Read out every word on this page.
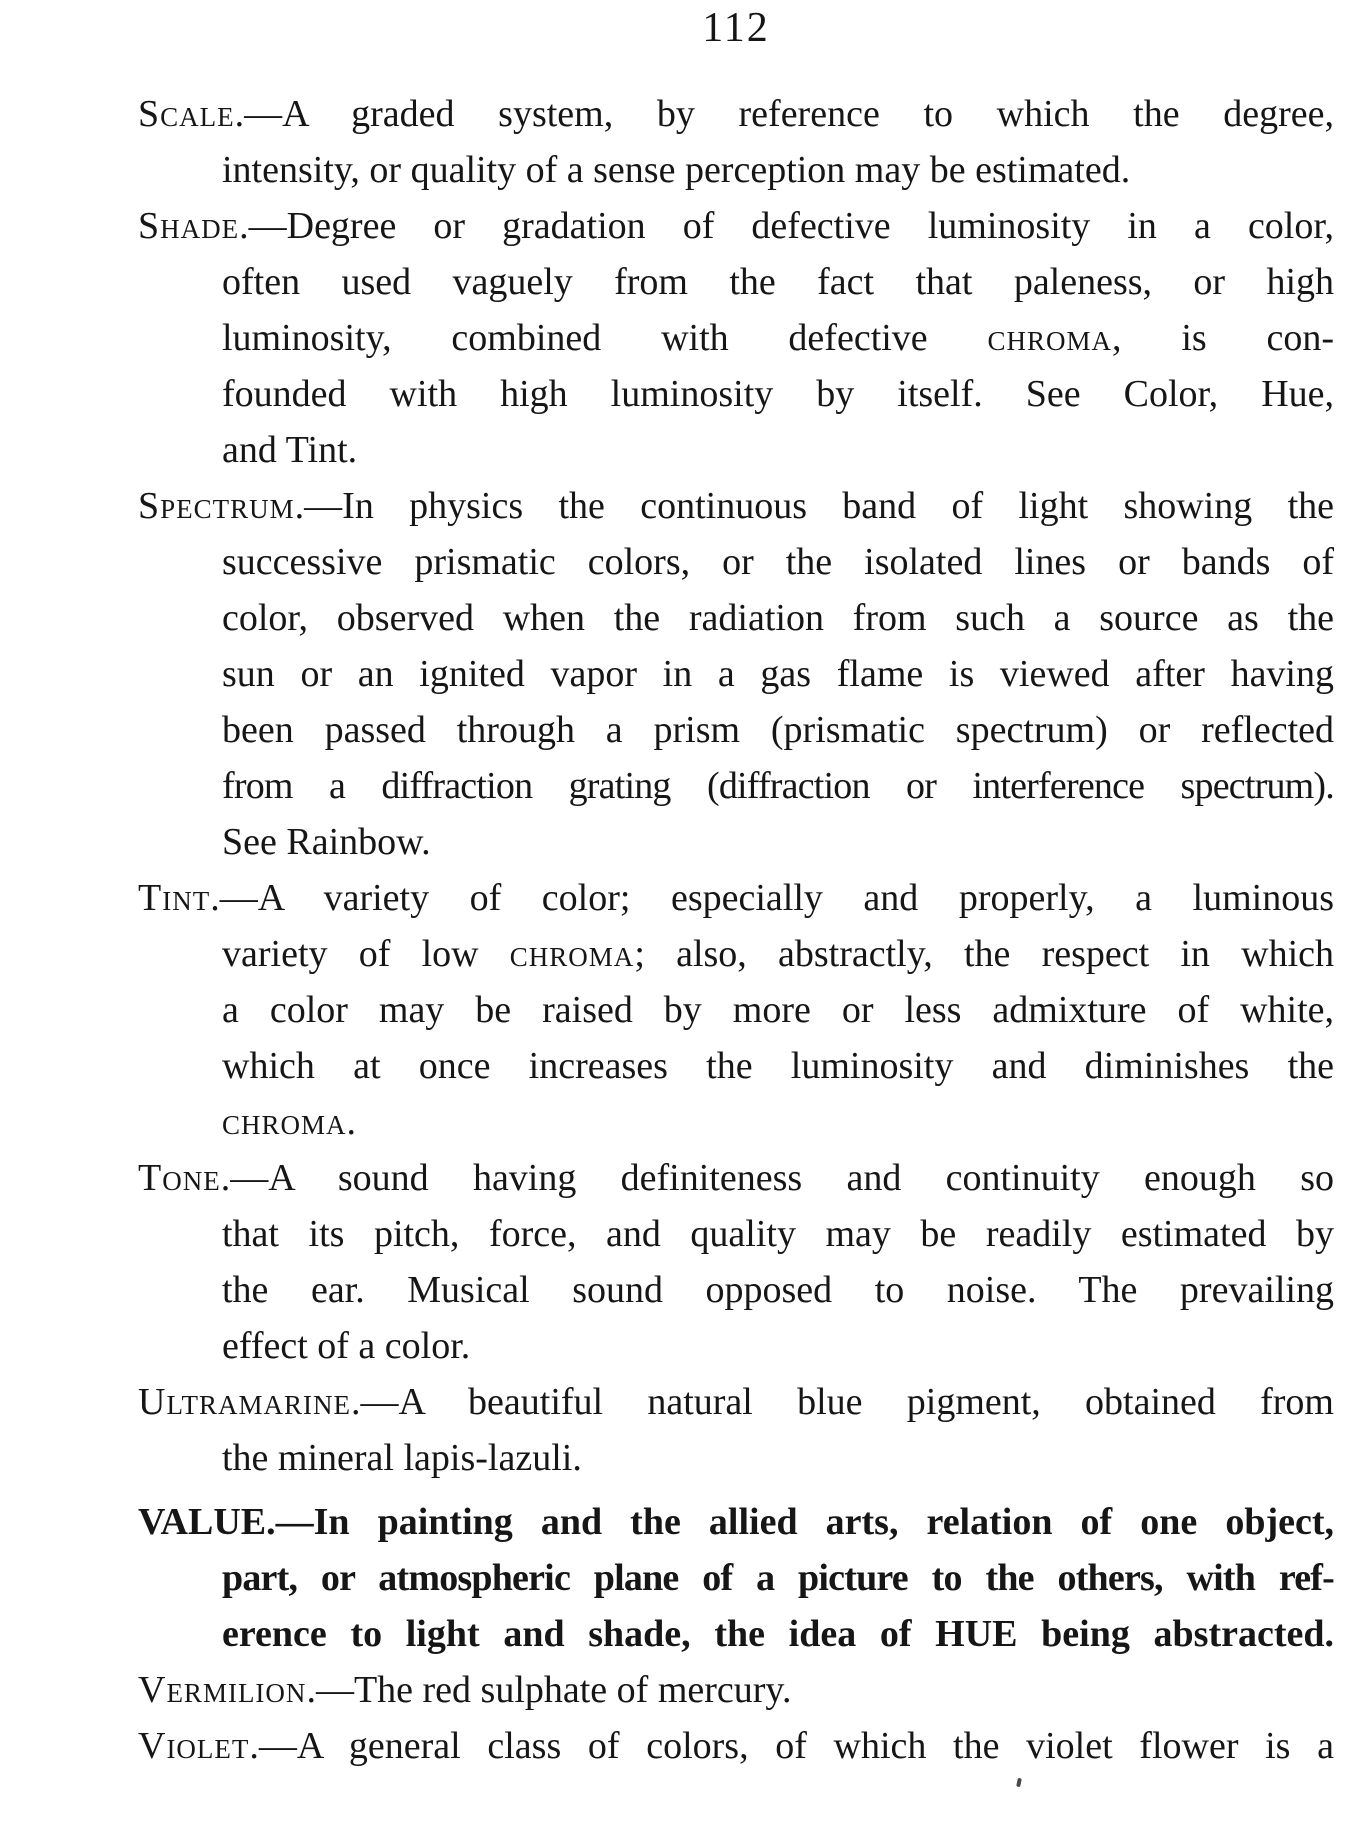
112
Scale.—A graded system, by reference to which the degree,
intensity, or quality of a sense perception may be estimated.
Shade.—Degree or gradation of defective luminosity in a color,
often used vaguely from the fact that paleness, or high
luminosity, combined with defective chroma, is con-
founded with high luminosity by itself. See Color, Hue,
and Tint.
Spectrum.—In physics the continuous band of light showing the
successive prismatic colors, or the isolated lines or bands of
color, observed when the radiation from such a source as the
sun or an ignited vapor in a gas flame is viewed after having
been passed through a prism (prismatic spectrum) or reflected
from a diffraction grating (diffraction or interference spectrum).
See Rainbow.
Tint.—A variety of color; especially and properly, a luminous
variety of low chroma; also, abstractly, the respect in which
a color may be raised by more or less admixture of white,
which at once increases the luminosity and diminishes the
chroma.
Tone.—A sound having definiteness and continuity enough so
that its pitch, force, and quality may be readily estimated by
the ear. Musical sound opposed to noise. The prevailing
effect of a color.
Ultramarine.—A beautiful natural blue pigment, obtained from
the mineral lapis-lazuli.
VALUE.—In painting and the allied arts, relation of one object,
part, or atmospheric plane of a picture to the others, with ref-
erence to light and shade, the idea of HUE being abstracted.
Vermilion.—The red sulphate of mercury.
Violet.—A general class of colors, of which the violet flower is a
